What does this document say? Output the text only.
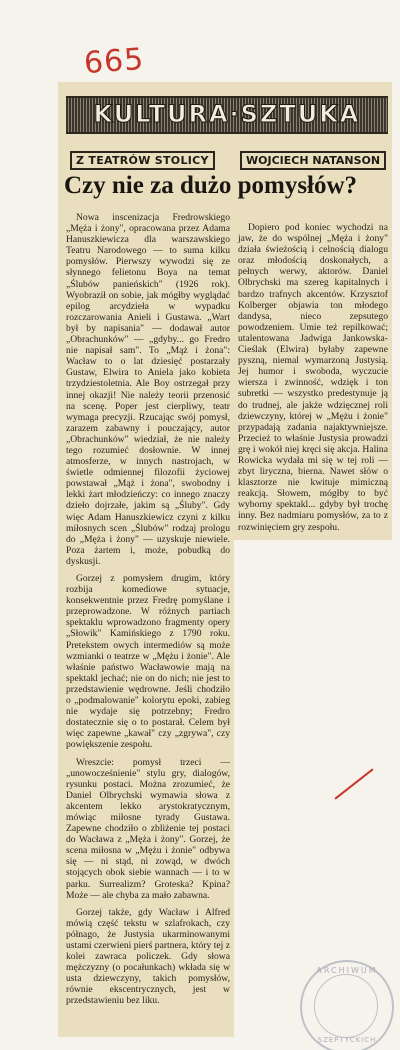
665
KULTURA·SZTUKA
Z TEATRÓW STOLICY	WOJCIECH NATANSON
Czy nie za dużo pomysłów?

Nowa inscenizacja Fredrowskiego „Męża i żony", opracowana przez Adama Hanuszkiewicza dla warszawskiego Teatru Narodowego — to suma kilku pomysłów. Pierwszy wywodzi się ze słynnego felietonu Boya na temat „Ślubów panieńskich" (1926 rok). Wyobraził on sobie, jak mógłby wyglądać epilog arcydzieła w wypadku rozczarowania Anieli i Gustawa. „Wart był by napisania" — dodawał autor „Obrachunków" — „gdyby... go Fredro nie napisał sam". To „Mąż i żona": Wacław to o lat dziesięć postarzały Gustaw, Elwira to Aniela jako kobieta trzydziestoletnia. Ale Boy ostrzegał przy innej okazji! Nie należy teorii przenosić na scenę. Poper jest cierpliwy, teatr wymaga precyzji. Rzucając swój pomysł, zarazem zabawny i pouczający, autor „Obrachunków" wiedział, że nie należy tego rozumieć dosłownie. W innej atmosferze, w innych nastrojach, w świetle odmiennej filozofii życiowej powstawał „Mąż i żona", swobodny i lekki żart młodzieńczy: co innego znaczy dzieło dojrzałe, jakim są „Śluby". Gdy więc Adam Hanuszkiewicz czyni z kilku miłosnych scen „Ślubów" rodzaj prologu do „Męża i żony" — uzyskuje niewiele. Poza żartem i, może, pobudką do dyskusji.

Gorzej z pomysłem drugim, który rozbija komediowe sytuacje, konsekwentnie przez Fredrę pomyślane i przeprowadzone. W różnych partiach spektaklu wprowadzono fragmenty opery „Słowik" Kamińskiego z 1790 roku. Pretekstem owych intermediów są może wzmianki o teatrze w „Mężu i żonie". Ale właśnie państwo Wacławowie mają na spektakl jechać; nie on do nich; nie jest to przedstawienie wędrowne. Jeśli chodziło o „podmalowanie" kolorytu epoki, zabieg nie wydaje się potrzebny; Fredro dostatecznie się o to postarał. Celem był więc zapewne „kawał" czy „zgrywa", czy powiększenie zespołu.

Wreszcie: pomysł trzeci — „unowocześnienie" stylu gry, dialogów, rysunku postaci. Można zrozumieć, że Daniel Olbrychski wymawia słowa z akcentem lekko arystokratycznym, mówiąc miłosne tyrady Gustawa. Zapewne chodziło o zbliżenie tej postaci do Wacława z „Męża i żony". Gorzej, że scena miłosna w „Mężu i żonie" odbywa się — ni stąd, ni zowąd, w dwóch stojących obok siebie wannach — i to w parku. Surrealizm? Groteska? Kpina? Może — ale chyba za mało zabawna.

Gorzej także, gdy Wacław i Alfred mówią część tekstu w szlafrokach, czy półnago, że Justysia ukarminowanymi ustami czerwieni pierś partnera, który tej z kolei zawraca policzek. Gdy słowa mężczyzny (o pocałunkach) wkłada się w usta dziewczyny, takich pomysłów, równie ekscentrycznych, jest w przedstawieniu bez liku.

Dopiero pod koniec wychodzi na jaw, że do wspólnej „Męża i żony" działa świeżością i celnością dialogu oraz młodością doskonałych, a pełnych werwy, aktorów. Daniel Olbrychski ma szereg kapitalnych i bardzo trafnych akcentów. Krzysztof Kolberger objawia ton młodego dandysa, nieco zepsutego powodzeniem. Umie też repilkować; utalentowana Jadwiga Jankowska-Cieślak (Elwira) byłaby zapewne pyszną, niemal wymarzoną Justysią. Jej humor i swoboda, wyczucie wiersza i zwinność, wdzięk i ton subretki — wszystko predestynuje ją do trudnej, ale jakże wdzięcznej roli dziewczyny, której w „Mężu i żonie" przypadają zadania najaktywniejsze. Przecież to właśnie Justysia prowadzi grę i wokół niej kręci się akcja. Halina Rowicka wydała mi się w tej roli — zbyt liryczna, bierna. Nawet słów o klasztorze nie kwituje mimiczną reakcją. Słowem, mógłby to być wyborny spektakl... gdyby był trochę inny. Bez nadmiaru pomysłów, za to z rozwinięciem gry zespołu.

ARCHIWUM
SZEPTYCKICH
